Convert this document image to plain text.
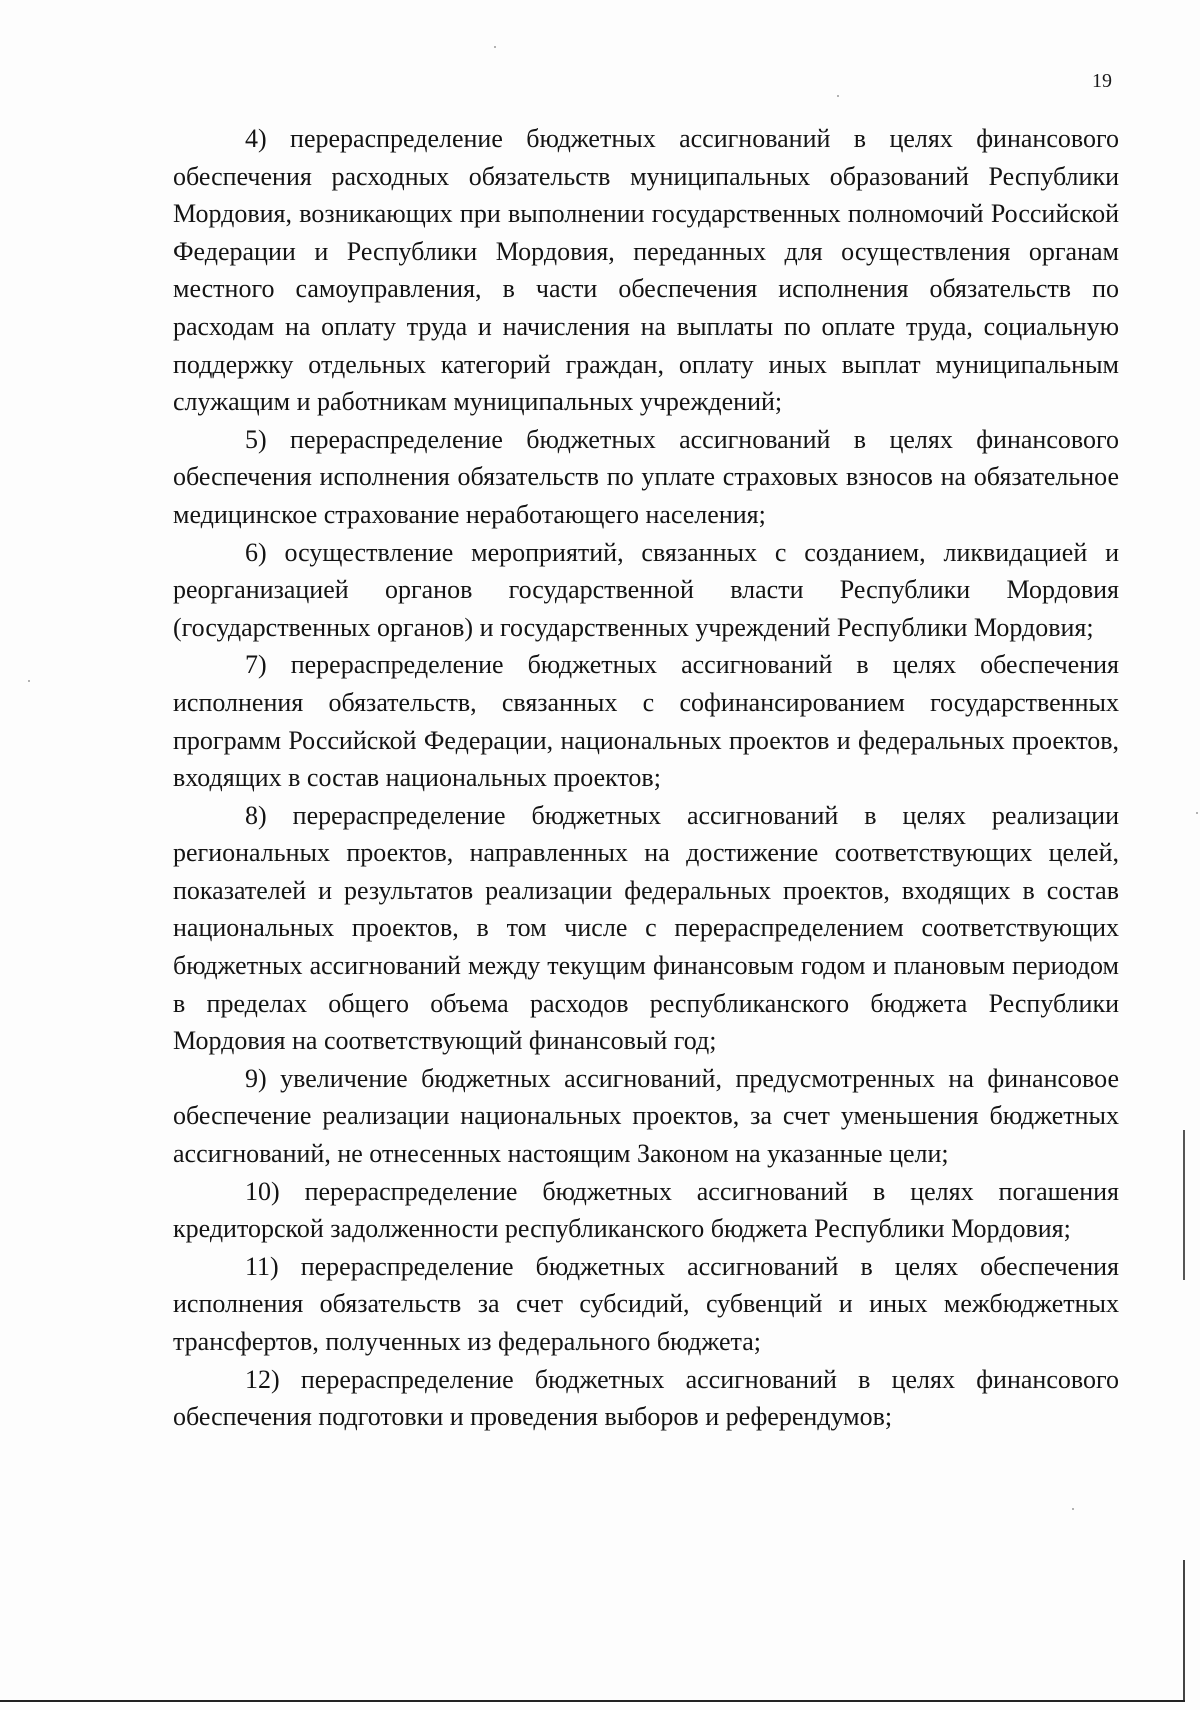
19

4) перераспределение бюджетных ассигнований в целях финансового обеспечения расходных обязательств муниципальных образований Республики Мордовия, возникающих при выполнении государственных полномочий Российской Федерации и Республики Мордовия, переданных для осуществления органам местного самоуправления, в части обеспечения исполнения обязательств по расходам на оплату труда и начисления на выплаты по оплате труда, социальную поддержку отдельных категорий граждан, оплату иных выплат муниципальным служащим и работникам муниципальных учреждений;

5) перераспределение бюджетных ассигнований в целях финансового обеспечения исполнения обязательств по уплате страховых взносов на обязательное медицинское страхование неработающего населения;

6) осуществление мероприятий, связанных с созданием, ликвидацией и реорганизацией органов государственной власти Республики Мордовия (государственных органов) и государственных учреждений Республики Мордовия;

7) перераспределение бюджетных ассигнований в целях обеспечения исполнения обязательств, связанных с софинансированием государственных программ Российской Федерации, национальных проектов и федеральных проектов, входящих в состав национальных проектов;

8) перераспределение бюджетных ассигнований в целях реализации региональных проектов, направленных на достижение соответствующих целей, показателей и результатов реализации федеральных проектов, входящих в состав национальных проектов, в том числе с перераспределением соответствующих бюджетных ассигнований между текущим финансовым годом и плановым периодом в пределах общего объема расходов республиканского бюджета Республики Мордовия на соответствующий финансовый год;

9) увеличение бюджетных ассигнований, предусмотренных на финансовое обеспечение реализации национальных проектов, за счет уменьшения бюджетных ассигнований, не отнесенных настоящим Законом на указанные цели;

10) перераспределение бюджетных ассигнований в целях погашения кредиторской задолженности республиканского бюджета Республики Мордовия;

11) перераспределение бюджетных ассигнований в целях обеспечения исполнения обязательств за счет субсидий, субвенций и иных межбюджетных трансфертов, полученных из федерального бюджета;

12) перераспределение бюджетных ассигнований в целях финансового обеспечения подготовки и проведения выборов и референдумов;
